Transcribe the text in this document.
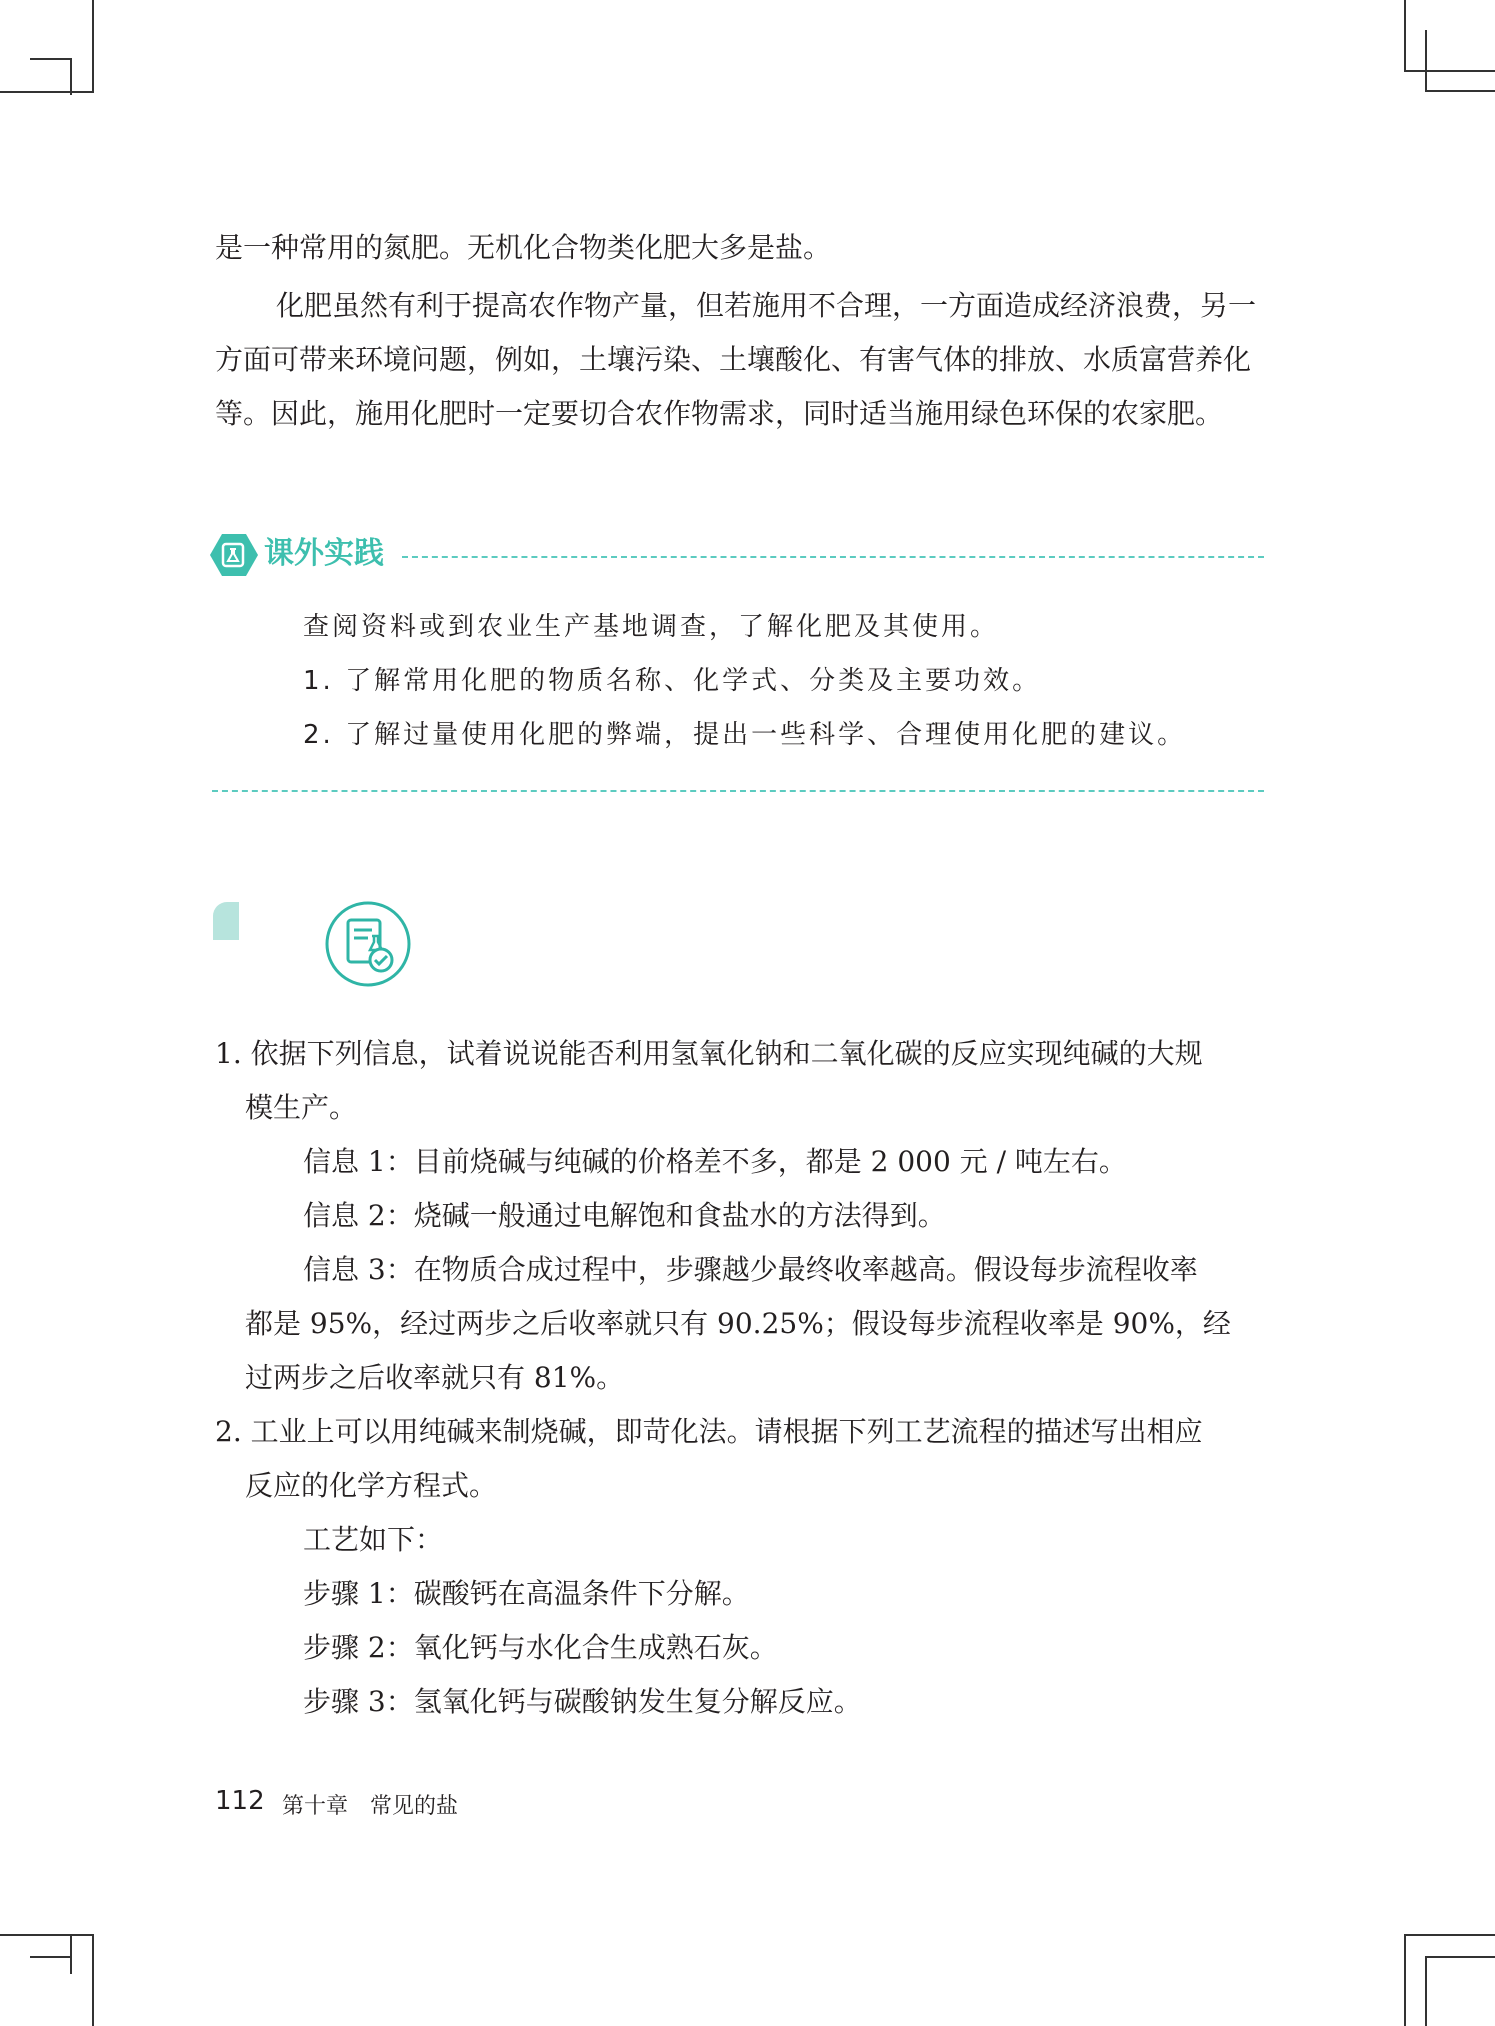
是一种常用的氮肥。无机化合物类化肥大多是盐。

化肥虽然有利于提高农作物产量，但若施用不合理，一方面造成经济浪费，另一方面可带来环境问题，例如，土壤污染、土壤酸化、有害气体的排放、水质富营养化等。因此，施用化肥时一定要切合农作物需求，同时适当施用绿色环保的农家肥。

课外实践

查阅资料或到农业生产基地调查，了解化肥及其使用。

1. 了解常用化肥的物质名称、化学式、分类及主要功效。

2. 了解过量使用化肥的弊端，提出一些科学、合理使用化肥的建议。

1. 依据下列信息，试着说说能否利用氢氧化钠和二氧化碳的反应实现纯碱的大规

模生产。

信息 1：目前烧碱与纯碱的价格差不多，都是 2 000 元 / 吨左右。

信息 2：烧碱一般通过电解饱和食盐水的方法得到。

信息 3：在物质合成过程中，步骤越少最终收率越高。假设每步流程收率

都是 95%，经过两步之后收率就只有 90.25%；假设每步流程收率是 90%，经

过两步之后收率就只有 81%。

2. 工业上可以用纯碱来制烧碱，即苛化法。请根据下列工艺流程的描述写出相应

反应的化学方程式。

工艺如下：

步骤 1：碳酸钙在高温条件下分解。

步骤 2：氧化钙与水化合生成熟石灰。

步骤 3：氢氧化钙与碳酸钠发生复分解反应。

112 第十章　常见的盐
